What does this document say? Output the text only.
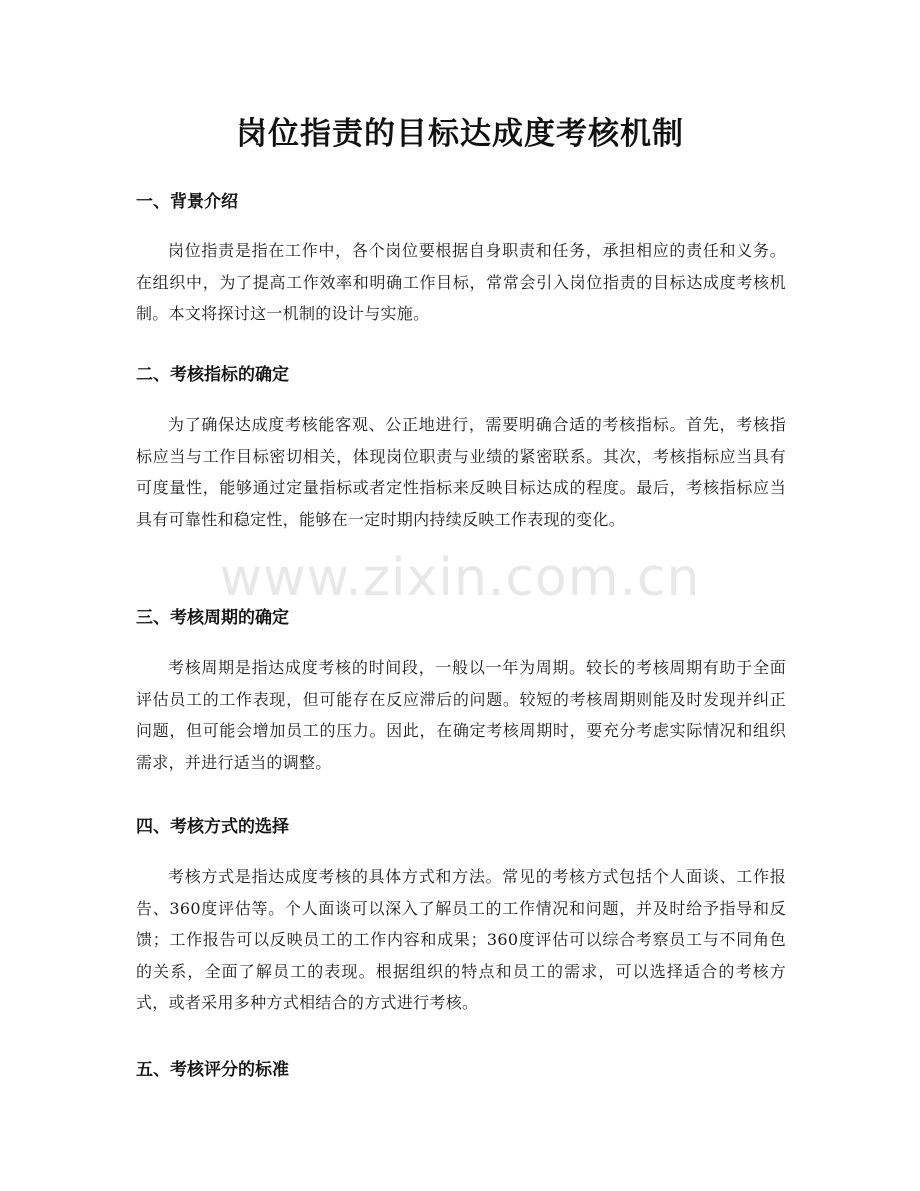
岗位指责的目标达成度考核机制
www.zixin.com.cn
一、背景介绍

岗位指责是指在工作中，各个岗位要根据自身职责和任务，承担相应的责任和义务。在组织中，为了提高工作效率和明确工作目标，常常会引入岗位指责的目标达成度考核机制。本文将探讨这一机制的设计与实施。

二、考核指标的确定

为了确保达成度考核能客观、公正地进行，需要明确合适的考核指标。首先，考核指标应当与工作目标密切相关，体现岗位职责与业绩的紧密联系。其次，考核指标应当具有可度量性，能够通过定量指标或者定性指标来反映目标达成的程度。最后，考核指标应当具有可靠性和稳定性，能够在一定时期内持续反映工作表现的变化。

三、考核周期的确定

考核周期是指达成度考核的时间段，一般以一年为周期。较长的考核周期有助于全面评估员工的工作表现，但可能存在反应滞后的问题。较短的考核周期则能及时发现并纠正问题，但可能会增加员工的压力。因此，在确定考核周期时，要充分考虑实际情况和组织需求，并进行适当的调整。

四、考核方式的选择

考核方式是指达成度考核的具体方式和方法。常见的考核方式包括个人面谈、工作报告、360度评估等。个人面谈可以深入了解员工的工作情况和问题，并及时给予指导和反馈；工作报告可以反映员工的工作内容和成果；360度评估可以综合考察员工与不同角色的关系，全面了解员工的表现。根据组织的特点和员工的需求，可以选择适合的考核方式，或者采用多种方式相结合的方式进行考核。

五、考核评分的标准
